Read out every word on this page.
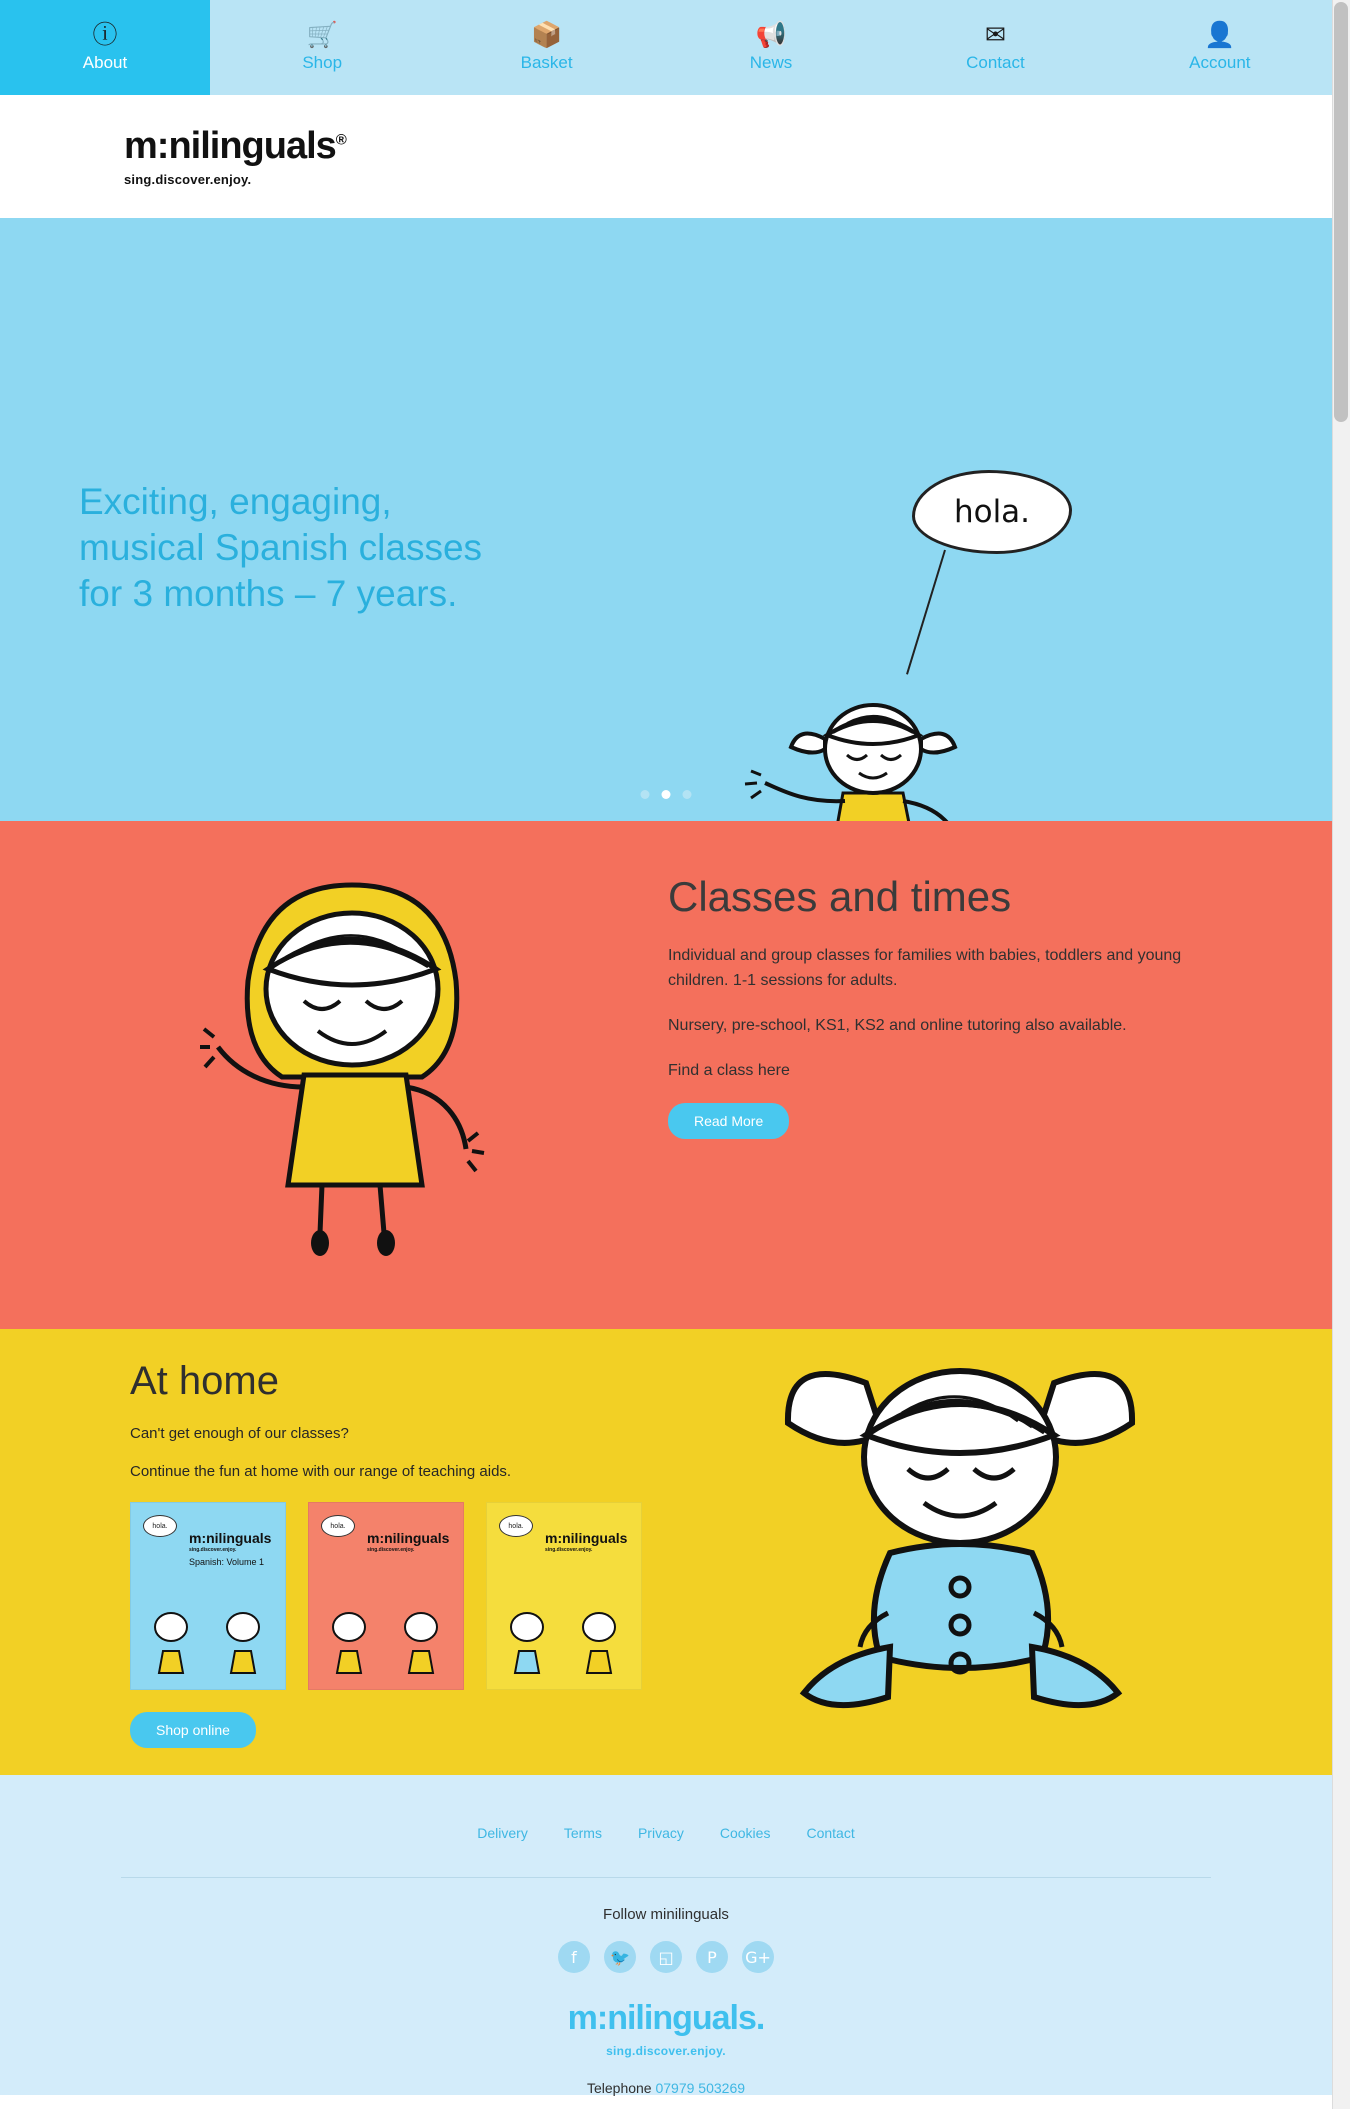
ⓘ
About
🛒
Shop
📦
Basket
📢
News
✉
Contact
👤
Account
m:nilinguals®
sing.discover.enjoy.
Exciting, engaging,
musical Spanish classes
for 3 months – 7 years.
hola.
Classes and times

Individual and group classes for families with babies, toddlers and young children. 1-1 sessions for adults.

Nursery, pre-school, KS1, KS2 and online tutoring also available.

Find a class here

Read More
At home

Can't get enough of our classes?

Continue the fun at home with our range of teaching aids.

hola.
m:nilinguals
sing.discover.enjoy.
Spanish: Volume 1
hola.
m:nilinguals
sing.discover.enjoy.
hola.
m:nilinguals
sing.discover.enjoy.
Shop online
Delivery	Terms	Privacy	Cookies	Contact
Follow minilinguals
f	🐦	◱	P	G+
m:nilinguals.
sing.discover.enjoy.
Telephone 07979 503269
